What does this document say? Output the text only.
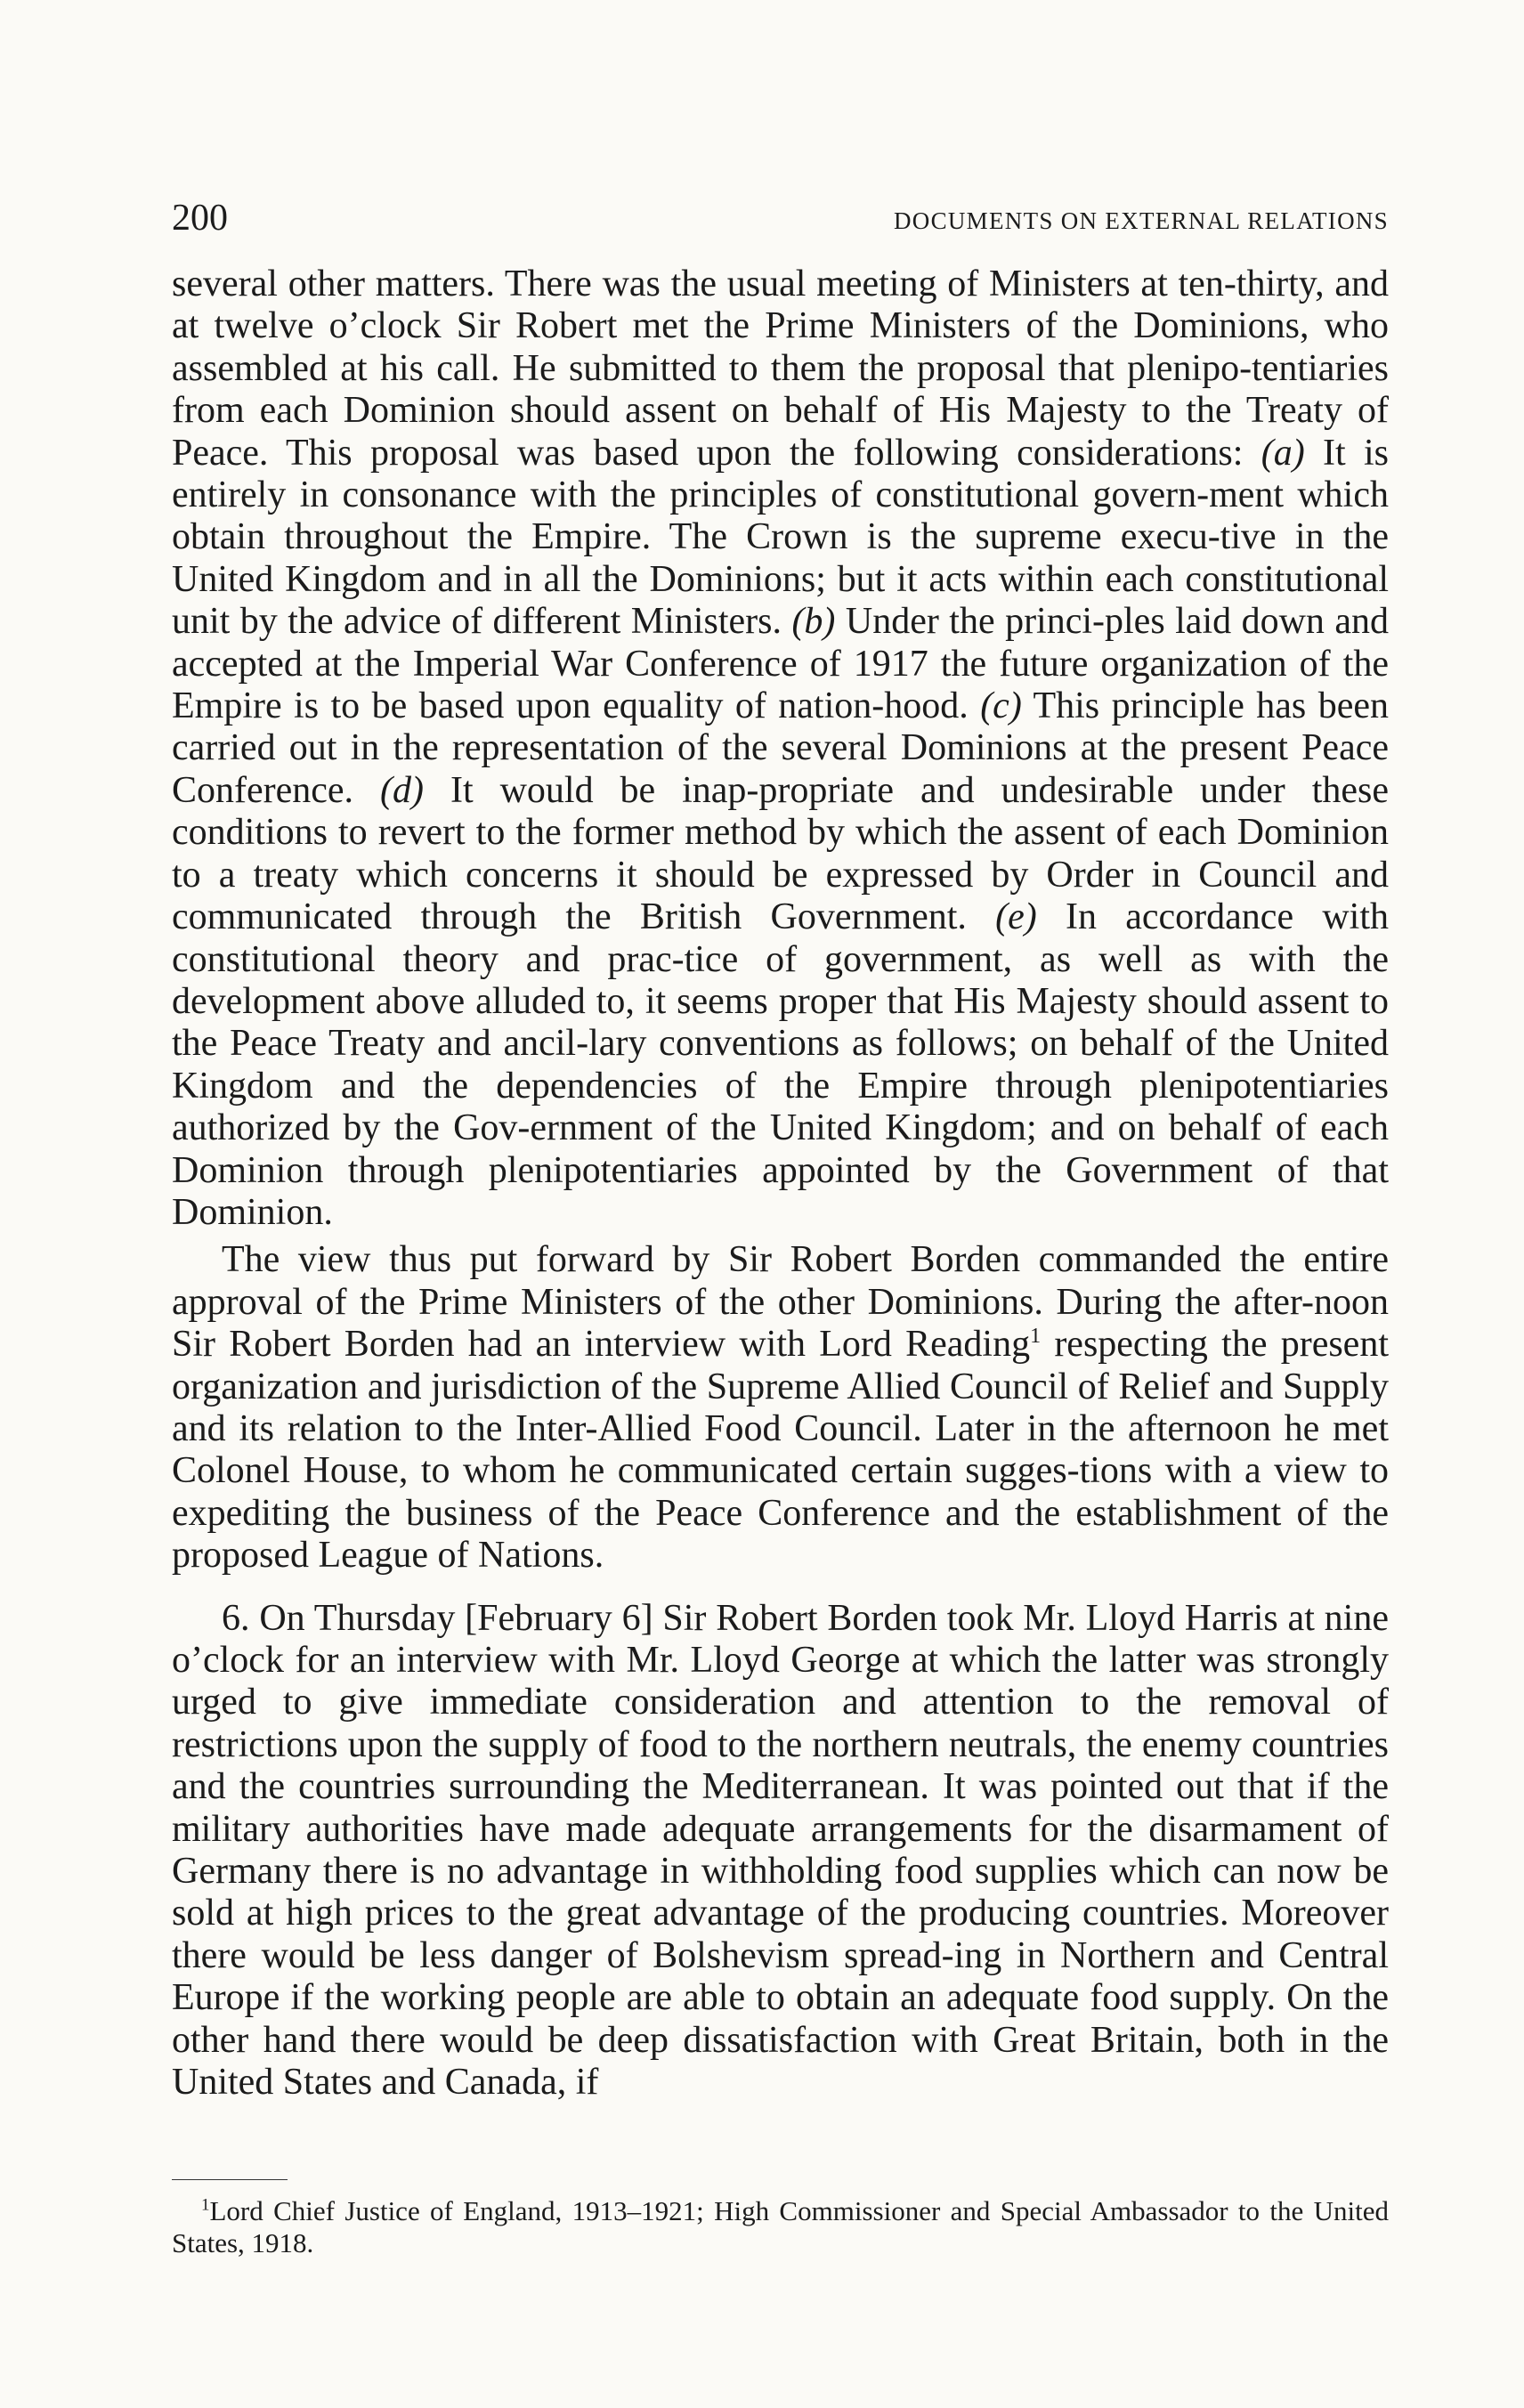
200	DOCUMENTS ON EXTERNAL RELATIONS

several other matters. There was the usual meeting of Ministers at ten-thirty, and at twelve o’clock Sir Robert met the Prime Ministers of the Dominions, who assembled at his call. He submitted to them the proposal that plenipo-tentiaries from each Dominion should assent on behalf of His Majesty to the Treaty of Peace. This proposal was based upon the following considerations: (a) It is entirely in consonance with the principles of constitutional govern-ment which obtain throughout the Empire. The Crown is the supreme execu-tive in the United Kingdom and in all the Dominions; but it acts within each constitutional unit by the advice of different Ministers. (b) Under the princi-ples laid down and accepted at the Imperial War Conference of 1917 the future organization of the Empire is to be based upon equality of nation-hood. (c) This principle has been carried out in the representation of the several Dominions at the present Peace Conference. (d) It would be inap-propriate and undesirable under these conditions to revert to the former method by which the assent of each Dominion to a treaty which concerns it should be expressed by Order in Council and communicated through the British Government. (e) In accordance with constitutional theory and prac-tice of government, as well as with the development above alluded to, it seems proper that His Majesty should assent to the Peace Treaty and ancil-lary conventions as follows; on behalf of the United Kingdom and the dependencies of the Empire through plenipotentiaries authorized by the Gov-ernment of the United Kingdom; and on behalf of each Dominion through plenipotentiaries appointed by the Government of that Dominion.

The view thus put forward by Sir Robert Borden commanded the entire approval of the Prime Ministers of the other Dominions. During the after-noon Sir Robert Borden had an interview with Lord Reading$^1$ respecting the present organization and jurisdiction of the Supreme Allied Council of Relief and Supply and its relation to the Inter-Allied Food Council. Later in the afternoon he met Colonel House, to whom he communicated certain sugges-tions with a view to expediting the business of the Peace Conference and the establishment of the proposed League of Nations.

6. On Thursday [February 6] Sir Robert Borden took Mr. Lloyd Harris at nine o’clock for an interview with Mr. Lloyd George at which the latter was strongly urged to give immediate consideration and attention to the removal of restrictions upon the supply of food to the northern neutrals, the enemy countries and the countries surrounding the Mediterranean. It was pointed out that if the military authorities have made adequate arrangements for the disarmament of Germany there is no advantage in withholding food supplies which can now be sold at high prices to the great advantage of the producing countries. Moreover there would be less danger of Bolshevism spread-ing in Northern and Central Europe if the working people are able to obtain an adequate food supply. On the other hand there would be deep dissatisfaction with Great Britain, both in the United States and Canada, if

$^1$Lord Chief Justice of England, 1913–1921; High Commissioner and Special Ambassador to the United States, 1918.
